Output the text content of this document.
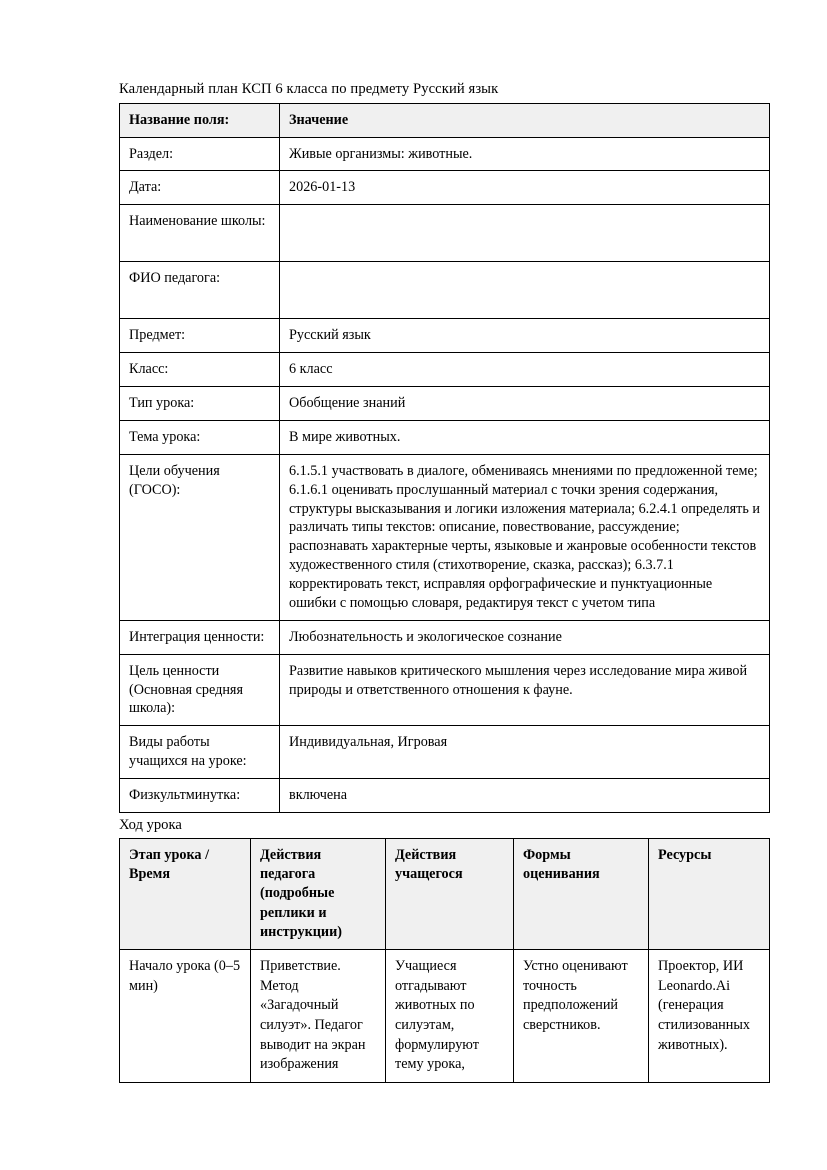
Календарный план КСП 6 класса по предмету Русский язык
Название поля:	Значение
Раздел:	Живые организмы: животные.
Дата:	2026-01-13
Наименование школы:	
ФИО педагога:	
Предмет:	Русский язык
Класс:	6 класс
Тип урока:	Обобщение знаний
Тема урока:	В мире животных.
Цели обучения (ГОСО):	6.1.5.1 участвовать в диалоге, обмениваясь мнениями по предложенной теме; 6.1.6.1 оценивать прослушанный материал с точки зрения содержания, структуры высказывания и логики изложения материала; 6.2.4.1 определять и различать типы текстов: описание, повествование, рассуждение; распознавать характерные черты, языковые и жанровые особенности текстов художественного стиля (стихотворение, сказка, рассказ); 6.3.7.1 корректировать текст, исправляя орфографические и пунктуационные ошибки с помощью словаря, редактируя текст с учетом типа
Интеграция ценности:	Любознательность и экологическое сознание
Цель ценности (Основная средняя школа):	Развитие навыков критического мышления через исследование мира живой природы и ответственного отношения к фауне.
Виды работы учащихся на уроке:	Индивидуальная, Игровая
Физкультминутка:	включена
Ход урока
Этап урока / Время	Действия педагога (подробные реплики и инструкции)	Действия учащегося	Формы оценивания	Ресурсы
Начало урока (0–5 мин)	Приветствие. Метод «Загадочный силуэт». Педагог выводит на экран изображения	Учащиеся отгадывают животных по силуэтам, формулируют тему урока,	Устно оценивают точность предположений сверстников.	Проектор, ИИ Leonardo.Ai (генерация стилизованных животных).
